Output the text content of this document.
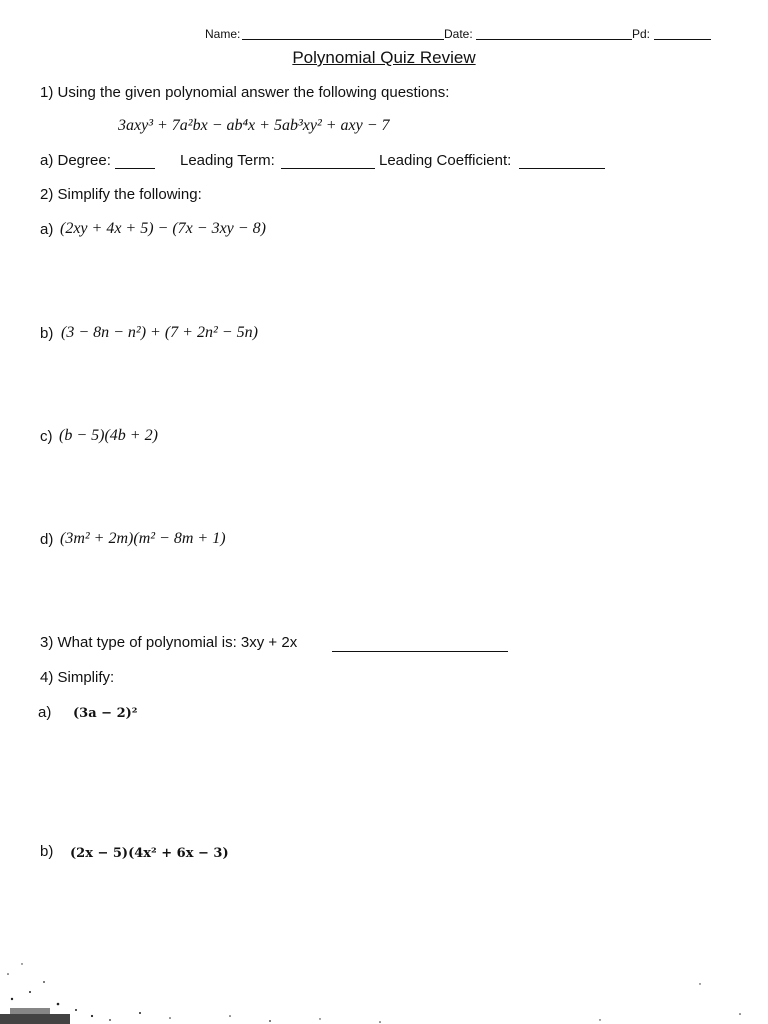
Name:	Date:	Pd:
Polynomial Quiz Review
1) Using the given polynomial answer the following questions:
3axy³ + 7a²bx − ab⁴x + 5ab³xy² + axy − 7
a) Degree:	Leading Term:	Leading Coefficient:
2) Simplify the following:
a) (2xy + 4x + 5) − (7x − 3xy − 8)
b) (3 − 8n − n²) + (7 + 2n² − 5n)
c) (b − 5)(4b + 2)
d) (3m² + 2m)(m² − 8m + 1)
3) What type of polynomial is: 3xy + 2x
4) Simplify:
a) (3a − 2)²
b) (2x − 5)(4x² + 6x − 3)
